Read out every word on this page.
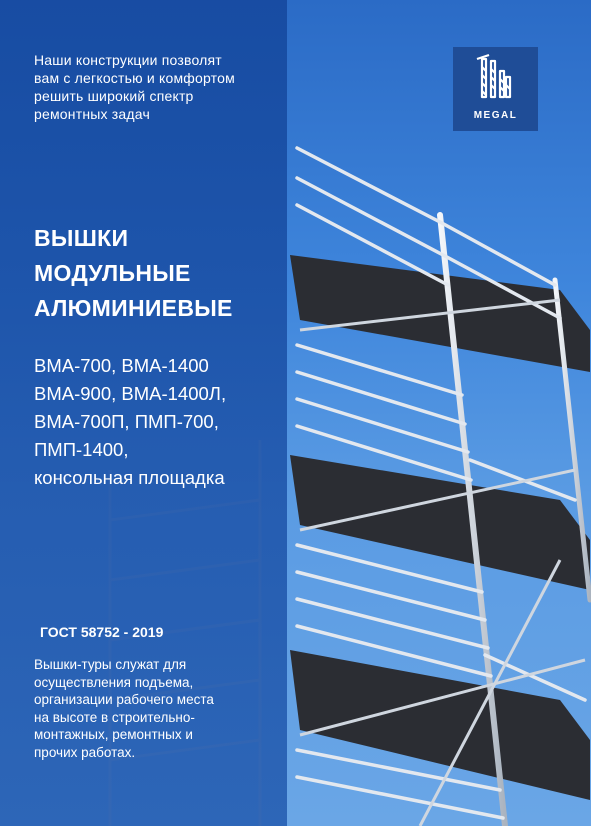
Наши конструкции позволят
вам с легкостью и комфортом
решить широкий спектр
ремонтных задач
ВЫШКИ
МОДУЛЬНЫЕ
АЛЮМИНИЕВЫЕ
ВМА-700, ВМА-1400
ВМА-900, ВМА-1400Л,
ВМА-700П, ПМП-700,
ПМП-1400,
консольная площадка
ГОСТ 58752 - 2019
Вышки-туры служат для
осуществления подъема,
организации рабочего места
на высоте в строительно-
монтажных, ремонтных и
прочих работах.
MEGAL
